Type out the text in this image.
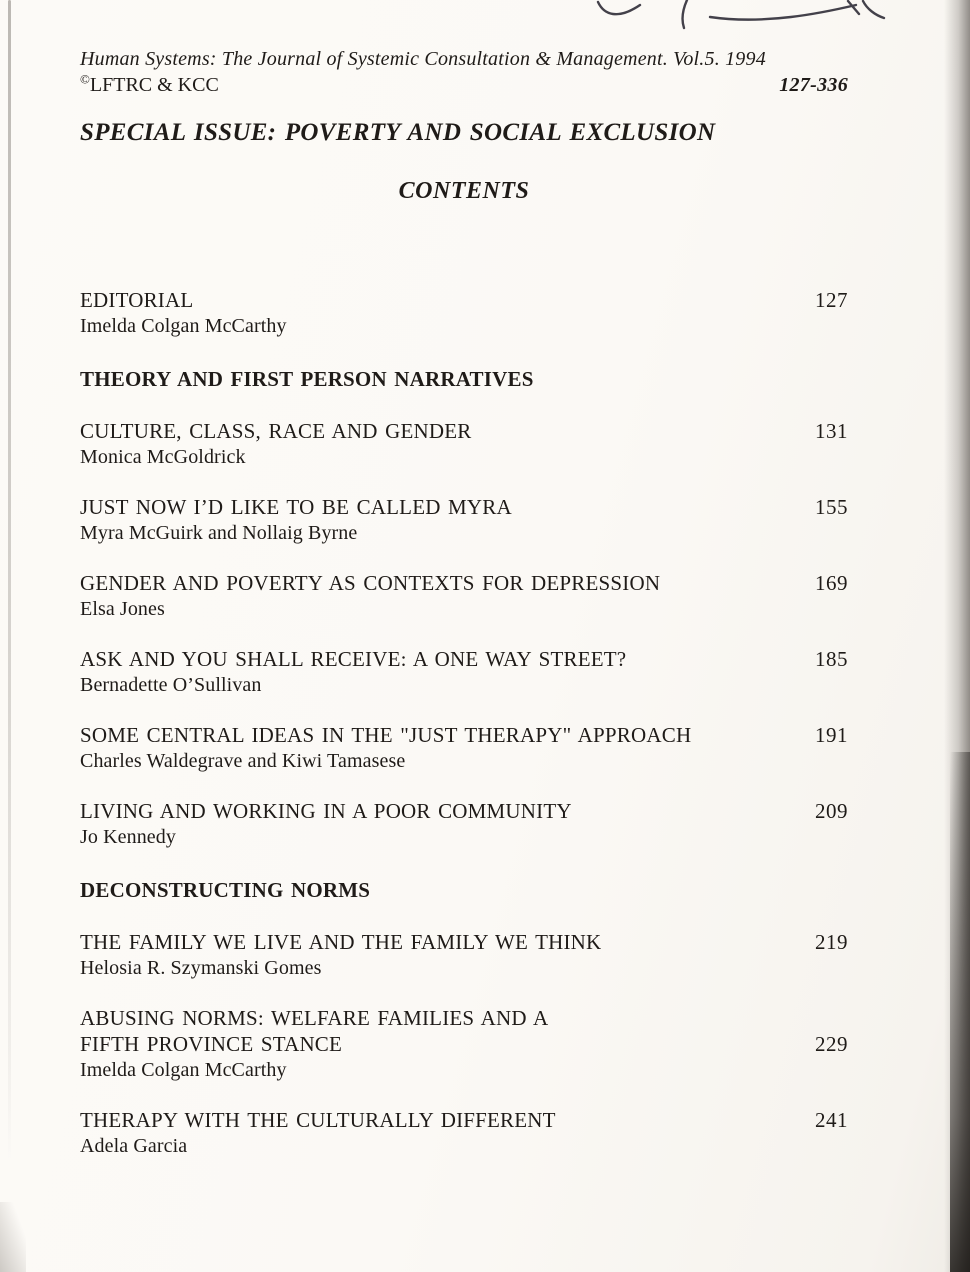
Human Systems: The Journal of Systemic Consultation & Management. Vol.5. 1994
©LFTRC & KCC	127-336
SPECIAL ISSUE: POVERTY AND SOCIAL EXCLUSION
CONTENTS
EDITORIAL	127
Imelda Colgan McCarthy
THEORY AND FIRST PERSON NARRATIVES
CULTURE, CLASS, RACE AND GENDER	131
Monica McGoldrick
JUST NOW I’D LIKE TO BE CALLED MYRA	155
Myra McGuirk and Nollaig Byrne
GENDER AND POVERTY AS CONTEXTS FOR DEPRESSION	169
Elsa Jones
ASK AND YOU SHALL RECEIVE: A ONE WAY STREET?	185
Bernadette O’Sullivan
SOME CENTRAL IDEAS IN THE "JUST THERAPY" APPROACH	191
Charles Waldegrave and Kiwi Tamasese
LIVING AND WORKING IN A POOR COMMUNITY	209
Jo Kennedy
DECONSTRUCTING NORMS
THE FAMILY WE LIVE AND THE FAMILY WE THINK	219
Helosia R. Szymanski Gomes
ABUSING NORMS: WELFARE FAMILIES AND A
FIFTH PROVINCE STANCE	229
Imelda Colgan McCarthy
THERAPY WITH THE CULTURALLY DIFFERENT	241
Adela Garcia
